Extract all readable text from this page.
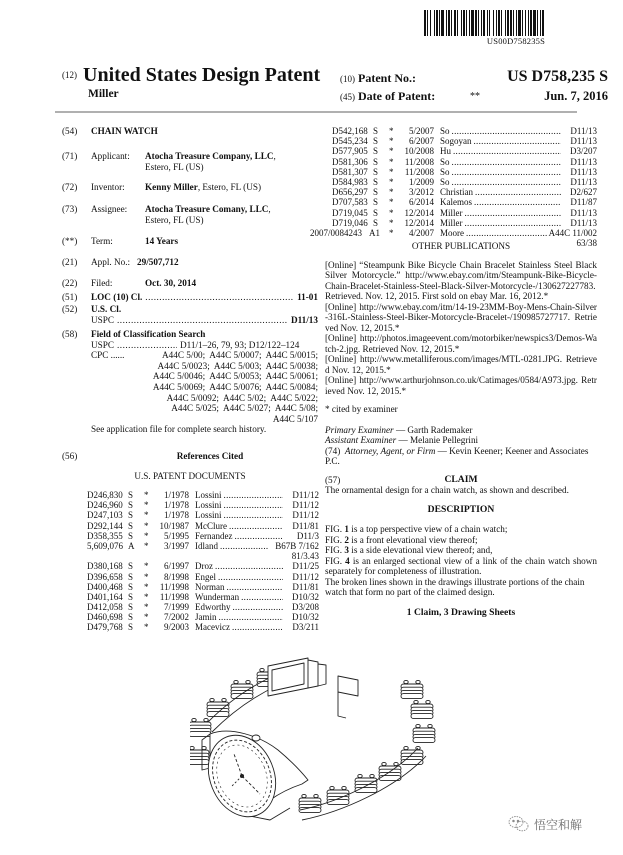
US00D758235S
(12) United States Design Patent
Miller
(10) Patent No.:	US D758,235 S
(45) Date of Patent:	**	Jun. 7, 2016
(54) CHAIN WATCH
(71) Applicant: Atocha Treasure Company, LLC,
Estero, FL (US)
(72) Inventor: Kenny Miller, Estero, FL (US)
(73) Assignee: Atocha Treasure Comany, LLC,
Estero, FL (US)
(**) Term:	14 Years
(21) Appl. No.: 29/507,712
(22) Filed:	Oct. 30, 2014
(51) LOC (10) Cl. .....	11-01
(52) U.S. Cl.
USPC .....	D11/13
(58) Field of Classification Search
USPC .....	D11/1–26, 79, 93; D12/122–124
CPC ......	A44C 5/00;  A44C 5/0007;  A44C 5/0015;
A44C 5/0023;  A44C 5/003;  A44C 5/0038;
A44C 5/0046;  A44C 5/0053;  A44C 5/0061;
A44C 5/0069;  A44C 5/0076;  A44C 5/0084;
A44C 5/0092;  A44C 5/02;  A44C 5/022;
A44C 5/025;  A44C 5/027;  A44C 5/08;
A44C 5/107
See application file for complete search history.
(56)	References Cited
U.S. PATENT DOCUMENTS
D246,830 S *	1/1978 Lossini .....	D11/12
D246,960 S *	1/1978 Lossini .....	D11/12
D247,103 S *	1/1978 Lossini .....	D11/12
D292,144 S *	10/1987 McClure .....	D11/81
D358,355 S *	5/1995 Fernandez .....	D11/3
5,609,076 A *	3/1997 Idland .....	B67B 7/162
81/3.43
D380,168 S *	6/1997 Droz .....	D11/25
D396,658 S *	8/1998 Engel .....	D11/12
D400,468 S *	11/1998 Norman .....	D11/81
D401,164 S *	11/1998 Wunderman .....	D10/32
D412,058 S *	7/1999 Edworthy .....	D3/208
D460,698 S *	7/2002 Jamin .....	D10/32
D479,768 S *	9/2003 Macevicz .....	D3/211
D542,168 S *	5/2007 So .....	D11/13
D545,234 S *	6/2007 Sogoyan .....	D11/13
D577,905 S *	10/2008 Hu .....	D3/207
D581,306 S *	11/2008 So .....	D11/13
D581,307 S *	11/2008 So .....	D11/13
D584,983 S *	1/2009 So .....	D11/13
D656,297 S *	3/2012 Christian .....	D2/627
D707,583 S *	6/2014 Kalemos .....	D11/87
D719,045 S *	12/2014 Miller .....	D11/13
D719,046 S *	12/2014 Miller .....	D11/13
2007/0084243 A1 *	4/2007 Moore .....	A44C 11/002
63/38
OTHER PUBLICATIONS

[Online] “Steampunk Bike Bicycle Chain Bracelet Stainless Steel Black Silver Motorcycle.” http://www.ebay.com/itm/Steampunk-Bike-Bicycle-Chain-Bracelet-Stainless-Steel-Black-Silver-Motorcycle-/130627227783. Retrieved. Nov. 12, 2015. First sold on ebay Mar. 16, 2012.*

[Online] http://www.ebay.com/itm/14-19-23MM-Boy-Mens-Chain-Silver-316L-Stainless-Steel-Biker-Motorcycle-Bracelet-/190985727717. Retrieved Nov. 12, 2015.*

[Online] http://photos.imageevent.com/motorbiker/newspics3/Demos-Watch-2.jpg. Retrieved Nov. 12, 2015.*

[Online] http://www.metalliferous.com/images/MTL-0281.JPG. Retrieved Nov. 12, 2015.*

[Online] http://www.arthurjohnson.co.uk/Catimages/0584/A973.jpg. Retrieved Nov. 12, 2015.*

* cited by examiner
Primary Examiner — Garth Rademaker
Assistant Examiner — Melanie Pellegrini
(74) Attorney, Agent, or Firm — Kevin Keener; Keener and Associates P.C.
(57)	CLAIM

The ornamental design for a chain watch, as shown and described.

DESCRIPTION
FIG. 1 is a top perspective view of a chain watch;
FIG. 2 is a front elevational view thereof;
FIG. 3 is a side elevational view thereof; and,
FIG. 4 is an enlarged sectional view of a link of the chain watch shown separately for completeness of illustration.

The broken lines shown in the drawings illustrate portions of the chain watch that form no part of the claimed design.

1 Claim, 3 Drawing Sheets
悟空和解
